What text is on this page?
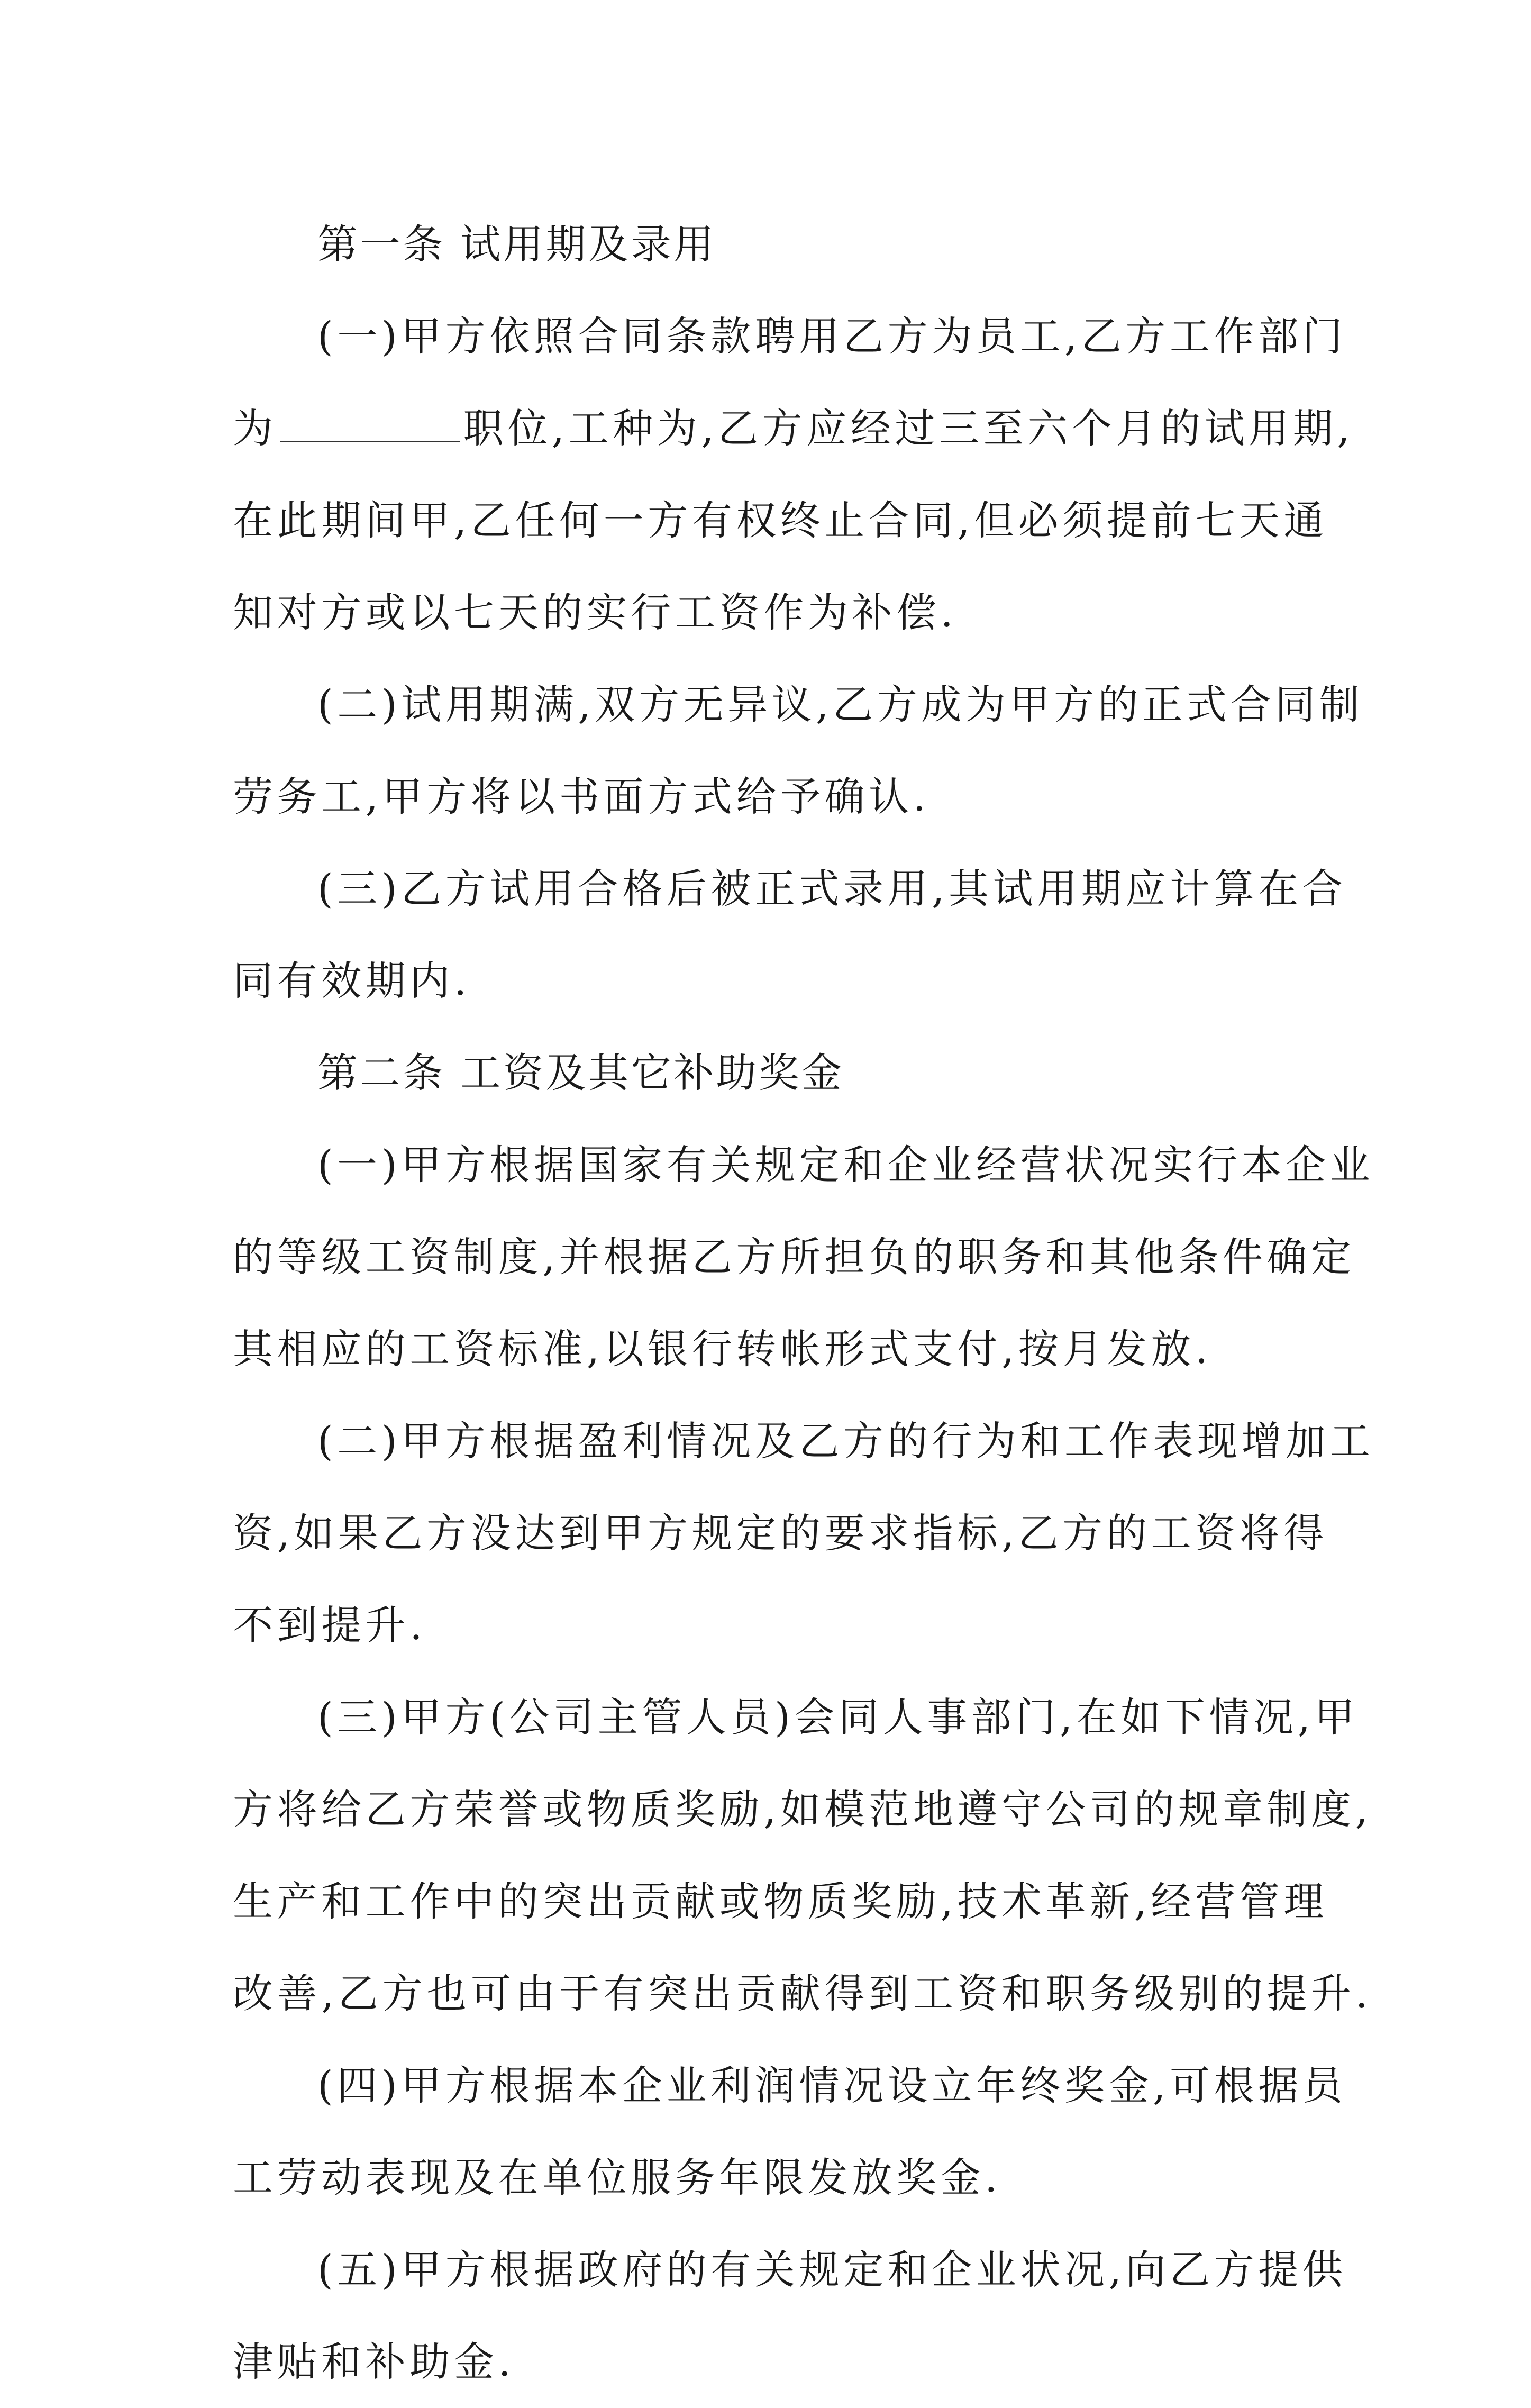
第一条 试用期及录用
(一)甲方依照合同条款聘用乙方为员工,乙方工作部门
为	职位,工种为,乙方应经过三至六个月的试用期,
在此期间甲,乙任何一方有权终止合同,但必须提前七天通
知对方或以七天的实行工资作为补偿.
(二)试用期满,双方无异议,乙方成为甲方的正式合同制
劳务工,甲方将以书面方式给予确认.
(三)乙方试用合格后被正式录用,其试用期应计算在合
同有效期内.
第二条 工资及其它补助奖金
(一)甲方根据国家有关规定和企业经营状况实行本企业
的等级工资制度,并根据乙方所担负的职务和其他条件确定
其相应的工资标准,以银行转帐形式支付,按月发放.
(二)甲方根据盈利情况及乙方的行为和工作表现增加工
资,如果乙方没达到甲方规定的要求指标,乙方的工资将得
不到提升.
(三)甲方(公司主管人员)会同人事部门,在如下情况,甲
方将给乙方荣誉或物质奖励,如模范地遵守公司的规章制度,
生产和工作中的突出贡献或物质奖励,技术革新,经营管理
改善,乙方也可由于有突出贡献得到工资和职务级别的提升.
(四)甲方根据本企业利润情况设立年终奖金,可根据员
工劳动表现及在单位服务年限发放奖金.
(五)甲方根据政府的有关规定和企业状况,向乙方提供
津贴和补助金.
